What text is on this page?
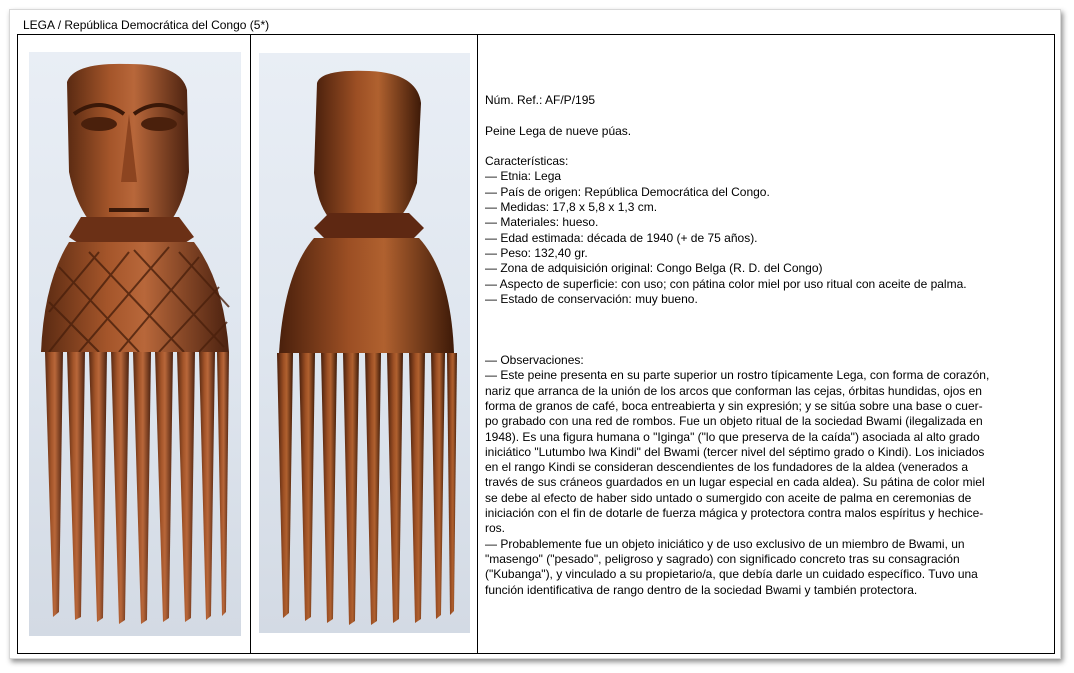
LEGA / República Democrática del Congo (5*)

Núm. Ref.: AF/P/195

Peine Lega de nueve púas.

Características:

— Etnia: Lega

— País de origen: República Democrática del Congo.

— Medidas: 17,8 x 5,8 x 1,3 cm.

— Materiales: hueso.

— Edad estimada: década de 1940 (+ de 75 años).

— Peso: 132,40 gr.

— Zona de adquisición original: Congo Belga (R. D. del Congo)

— Aspecto de superficie: con uso; con pátina color miel por uso ritual con aceite de palma.

— Estado de conservación: muy bueno.

— Observaciones:

— Este peine presenta en su parte superior un rostro típicamente Lega, con forma de corazón,
nariz que arranca de la unión de los arcos que conforman las cejas, órbitas hundidas, ojos en
forma de granos de café, boca entreabierta y sin expresión; y se sitúa sobre una base o cuer-
po grabado con una red de rombos. Fue un objeto ritual de la sociedad Bwami (ilegalizada en
1948). Es una figura humana o "Iginga" ("lo que preserva de la caída") asociada al alto grado
iniciático "Lutumbo lwa Kindi" del Bwami (tercer nivel del séptimo grado o Kindi). Los iniciados
en el rango Kindi se consideran descendientes de los fundadores de la aldea (venerados a
través de sus cráneos guardados en un lugar especial en cada aldea). Su pátina de color miel
se debe al efecto de haber sido untado o sumergido con aceite de palma en ceremonias de
iniciación con el fin de dotarle de fuerza mágica y protectora contra malos espíritus y hechice-
ros.

— Probablemente fue un objeto iniciático y de uso exclusivo de un miembro de Bwami, un
"masengo" ("pesado", peligroso y sagrado) con significado concreto tras su consagración
("Kubanga"), y vinculado a su propietario/a, que debía darle un cuidado específico. Tuvo una
función identificativa de rango dentro de la sociedad Bwami y también protectora.
